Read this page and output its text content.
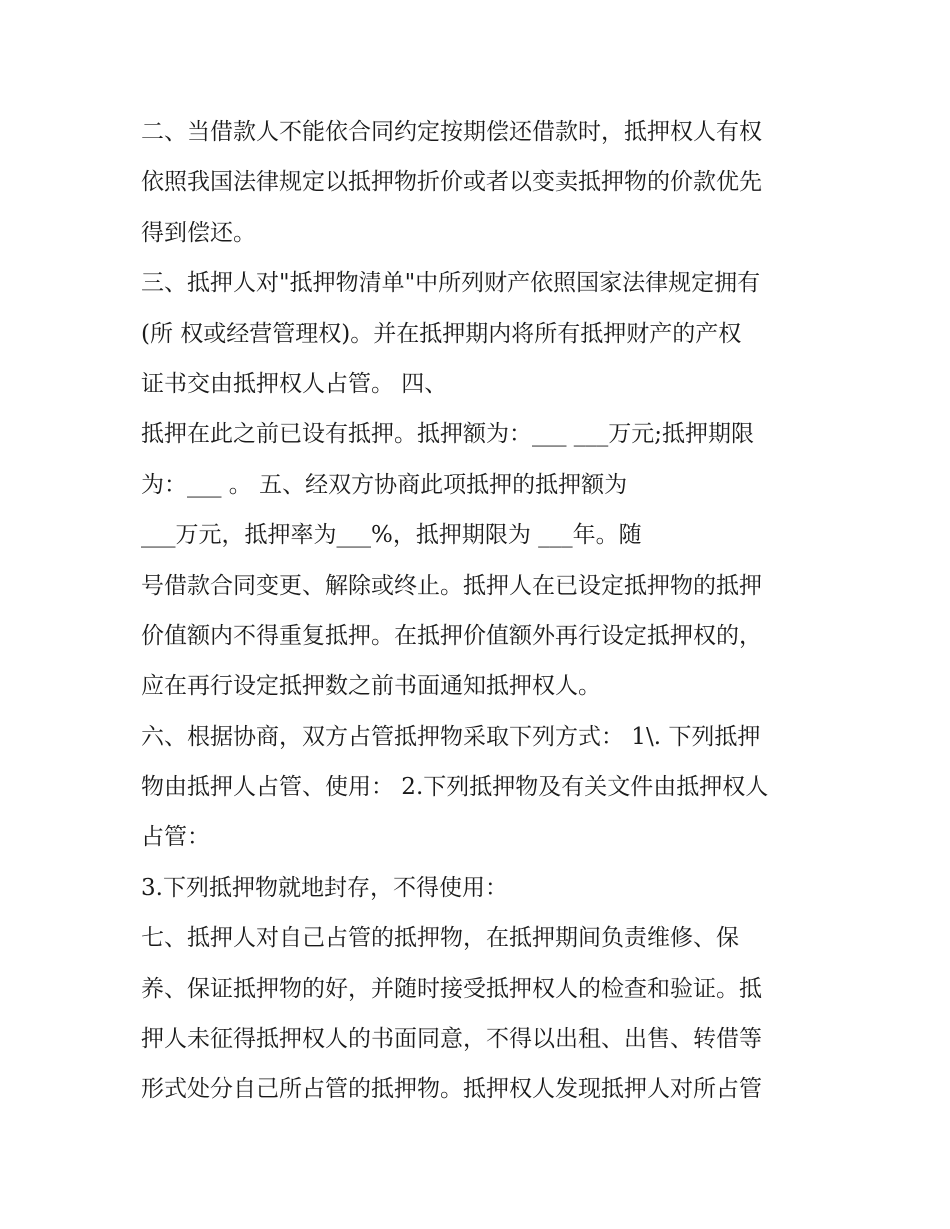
二、当借款人不能依合同约定按期偿还借款时，抵押权人有权
依照我国法律规定以抵押物折价或者以变卖抵押物的价款优先
得到偿还。
三、抵押人对"抵押物清单"中所列财产依照国家法律规定拥有
(所 权或经营管理权)。并在抵押期内将所有抵押财产的产权
证书交由抵押权人占管。 四、
抵押在此之前已设有抵押。抵押额为：___ ___万元;抵押期限
为：___ 。 五、经双方协商此项抵押的抵押额为
___万元，抵押率为___%，抵押期限为 ___年。随
号借款合同变更、解除或终止。抵押人在已设定抵押物的抵押
价值额内不得重复抵押。在抵押价值额外再行设定抵押权的，
应在再行设定抵押数之前书面通知抵押权人。
六、根据协商，双方占管抵押物采取下列方式： 1\. 下列抵押
物由抵押人占管、使用： 2.下列抵押物及有关文件由抵押权人
占管：
3.下列抵押物就地封存，不得使用：
七、抵押人对自己占管的抵押物，在抵押期间负责维修、保
养、保证抵押物的好，并随时接受抵押权人的检查和验证。抵
押人未征得抵押权人的书面同意，不得以出租、出售、转借等
形式处分自己所占管的抵押物。抵押权人发现抵押人对所占管
